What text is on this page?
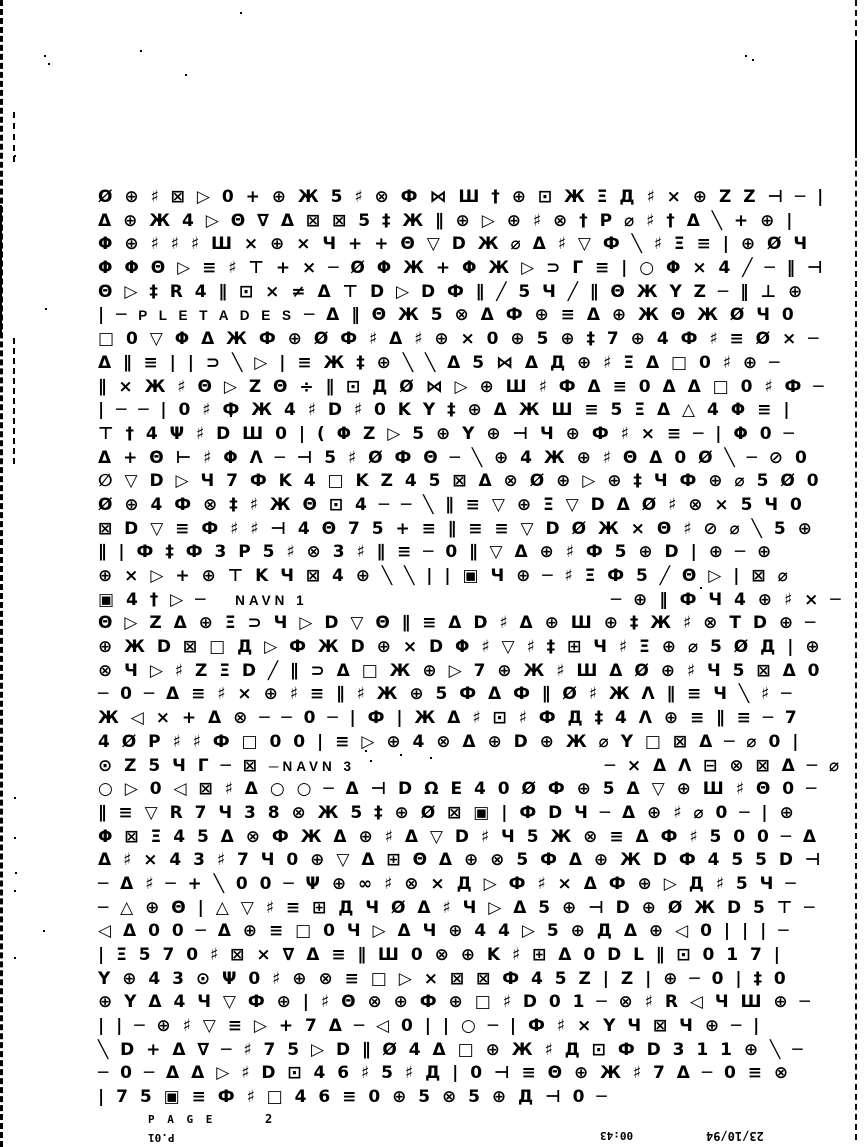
Ø ⊕ ♯ ⊠ ▷ 0 + ⊕ Ж 5 ♯ ⊗ Ф ⋈ Ш † ⊕ ⊡ Ж Ξ Д ♯ × ⊕ Z Z ⊣ ─ |
Δ ⊕ Ж 4 ▷ Θ ∇ Δ ⊠ ⊠ 5 ‡ Ж ∥ ⊕ ▷ ⊕ ♯ ⊗ † P ⌀ ♯ † Δ ╲ + ⊕ |
Φ ⊕ ♯ ♯ ♯ Ш × ⊕ × Ч + + Θ ▽ D Ж ⌀ Δ ♯ ▽ Ф ╲ ♯ Ξ ≡ | ⊕ Ø Ч
Φ Φ Θ ▷ ≡ ♯ ⊤ + × ─ Ø Φ Ж + Φ Ж ▷ ⊃ Γ ≡ | ○ Φ × 4 ╱ ─ ‖ ⊣
Θ ▷ ‡ R 4 ∥ ⊡ × ≠ Δ ⊤ D ▷ D Ф ∥ ╱ 5 Ч ╱ ∥ Θ Ж Y Z ─ ‖ ⊥ ⊕
| ─ P L E T A D E S ─ Δ ‖ Θ Ж 5 ⊗ Δ Ф ⊕ ≡ Δ ⊕ Ж Θ Ж Ø Ч 0
□ 0 ▽ Φ Δ Ж Ф ⊕ Ø Ф ♯ Δ ♯ ⊕ × 0 ⊕ 5 ⊕ ‡ 7 ⊕ 4 Ф ♯ ≡ Ø × ─
Δ ∥ ≡ | | ⊃ ╲ ▷ | ≡ Ж ‡ ⊕ ╲ ╲ Δ 5 ⋈ Δ Д ⊕ ♯ Ξ Δ □ 0 ♯ ⊕ ─
∥ × Ж ♯ Θ ▷ Z Θ ÷ ∥ ⊡ Д Ø ⋈ ▷ ⊕ Ш ♯ Ф Δ ≡ 0 Δ Δ □ 0 ♯ Ф ─
| ─ ─ | 0 ♯ Ф Ж 4 ♯ D ♯ 0 K Y ‡ ⊕ Δ Ж Ш ≡ 5 Ξ Δ △ 4 Φ ≡ |
⊤ † 4 Ψ ♯ D Ш 0 | ( Φ Z ▷ 5 ⊕ Y ⊕ ⊣ Ч ⊕ Ф ♯ × ≡ ─ | Φ 0 ─
Δ + Θ ⊢ ♯ Φ Λ ─ ⊣ 5 ♯ Ø Ф Θ ─ ╲ ⊕ 4 Ж ⊕ ♯ Θ Δ 0 Ø ╲ ─ ⊘ 0
∅ ▽ D ▷ Ч 7 Ф K 4 □ K Z 4 5 ⊠ Δ ⊗ Ø ⊕ ▷ ⊕ ‡ Ч Ф ⊕ ⌀ 5 Ø 0
Ø ⊕ 4 Ф ⊗ ‡ ♯ Ж Θ ⊡ 4 ─ ─ ╲ ∥ ≡ ▽ ⊕ Ξ ▽ D Δ Ø ♯ ⊗ × 5 Ч 0
⊠ D ▽ ≡ Ф ♯ ♯ ⊣ 4 Θ 7 5 + ≡ ∥ ≡ ≡ ▽ D Ø Ж × Θ ♯ ⊘ ⌀ ╲ 5 ⊕
∥ | Ф ‡ Ф 3 P 5 ♯ ⊗ 3 ♯ ∥ ≡ ─ 0 ∥ ▽ Δ ⊕ ♯ Ф 5 ⊕ D | ⊕ ─ ⊕
⊕ × ▷ + ⊕ ⊤ K Ч ⊠ 4 ⊕ ╲ ╲ | | ▣ Ч ⊕ ─ ♯ Ξ Ф 5 ╱ Θ ▷ | ⊠ ⌀
▣ 4 † ▷ ─   NAVN 1	─ ⊕ ‖ Ф Ч 4 ⊕ ♯ × ─
Θ ▷ Z Δ ⊕ Ξ ⊃ Ч ▷ D ▽ Θ ∥ ≡ Δ D ♯ Δ ⊕ Ш ⊕ ‡ Ж ♯ ⊗ T D ⊕ ─
⊕ Ж D ⊠ □ Д ▷ Ф Ж D ⊕ × D Φ ♯ ▽ ♯ ‡ ⊞ Ч ♯ Ξ ⊕ ⌀ 5 Ø Д | ⊕
⊗ Ч ▷ ♯ Z Ξ D ╱ ∥ ⊃ Δ □ Ж ⊕ ▷ 7 ⊕ Ж ♯ Ш Δ Ø ⊕ ♯ Ч 5 ⊠ Δ 0
─ 0 ─ Δ ≡ ♯ × ⊕ ♯ ≡ ∥ ♯ Ж ⊕ 5 Ф Δ Ф ∥ Ø ♯ Ж Λ ∥ ≡ Ч ╲ ♯ ─
Ж ◁ × + Δ ⊗ ─ ─ 0 ─ | Ф | Ж Δ ♯ ⊡ ♯ Ф Д ‡ 4 Λ ⊕ ≡ ∥ ≡ ─ 7
4 Ø P ♯ ♯ Ф □ 0 0 | ≡ ▷ ⊕ 4 ⊗ Δ ⊕ D ⊕ Ж ⌀ Y □ ⊠ Δ ─ ⌀ 0 |
⊙ Z 5 Ч Γ ─ ⊠ ─NAVN 3	─ × Δ Λ ⊟ ⊗ ⊠ Δ ─ ⌀
○ ▷ 0 ◁ ⊠ ♯ Δ ○ ○ ─ Δ ⊣ D Ω E 4 0 Ø Ф ⊕ 5 Δ ▽ ⊕ Ш ♯ Θ 0 ─
∥ ≡ ▽ R 7 Ч 3 8 ⊗ Ж 5 ‡ ⊕ Ø ⊠ ▣ | Ф D Ч ─ Δ ⊕ ♯ ⌀ 0 ─ | ⊕
Φ ⊠ Ξ 4 5 Δ ⊗ Ф Ж Δ ⊕ ♯ Δ ▽ D ♯ Ч 5 Ж ⊗ ≡ Δ Ф ♯ 5 0 0 ─ Δ
Δ ♯ × 4 3 ♯ 7 Ч 0 ⊕ ▽ Δ ⊞ Θ Δ ⊕ ⊗ 5 Ф Δ ⊕ Ж D Ф 4 5 5 D ⊣
─ Δ ♯ ─ + ╲ 0 0 ─ Ψ ⊕ ∞ ♯ ⊗ × Д ▷ Ф ♯ × Δ Ф ⊕ ▷ Д ♯ 5 Ч ─
─ △ ⊕ Θ | △ ▽ ♯ ≡ ⊞ Д Ч Ø Δ ♯ Ч ▷ Δ 5 ⊕ ⊣ D ⊕ Ø Ж D 5 ⊤ ─
◁ Δ 0 0 ─ Δ ⊕ ≡ □ 0 Ч ▷ Δ Ч ⊕ 4 4 ▷ 5 ⊕ Д Δ ⊕ ◁ 0 | | | ─
| Ξ 5 7 0 ♯ ⊠ × ∇ Δ ≡ ∥ Ш 0 ⊗ ⊕ K ♯ ⊞ Δ 0 D L ∥ ⊡ 0 1 7 |
Y ⊕ 4 3 ⊙ Ψ 0 ♯ ⊕ ⊗ ≡ □ ▷ × ⊠ ⊠ Ф 4 5 Z | Z | ⊕ ─ 0 | ‡ 0
⊕ Y Δ 4 Ч ▽ Ф ⊕ | ♯ Θ ⊗ ⊕ Ф ⊕ □ ♯ D 0 1 ─ ⊗ ♯ R ◁ Ч Ш ⊕ ─
| | ─ ⊕ ♯ ▽ ≡ ▷ + 7 Δ ─ ◁ 0 | | ○ ─ | Ф ♯ × Y Ч ⊠ Ч ⊕ ─ |
╲ D + Δ ∇ ─ ♯ 7 5 ▷ D ∥ Ø 4 Δ □ ⊕ Ж ♯ Д ⊡ Ф D 3 1 1 ⊕ ╲ ─
─ 0 ─ Δ Δ ▷ ♯ D ⊡ 4 6 ♯ 5 ♯ Д | 0 ⊣ ≡ Θ ⊕ Ж ♯ 7 Δ ─ 0 ≡ ⊗
| 7 5 ▣ ≡ Ф ♯ □ 4 6 ≡ 0 ⊕ 5 ⊗ 5 ⊕ Д ⊣ 0 ─
P A G E	2
P.01	00:43	23/10/94
